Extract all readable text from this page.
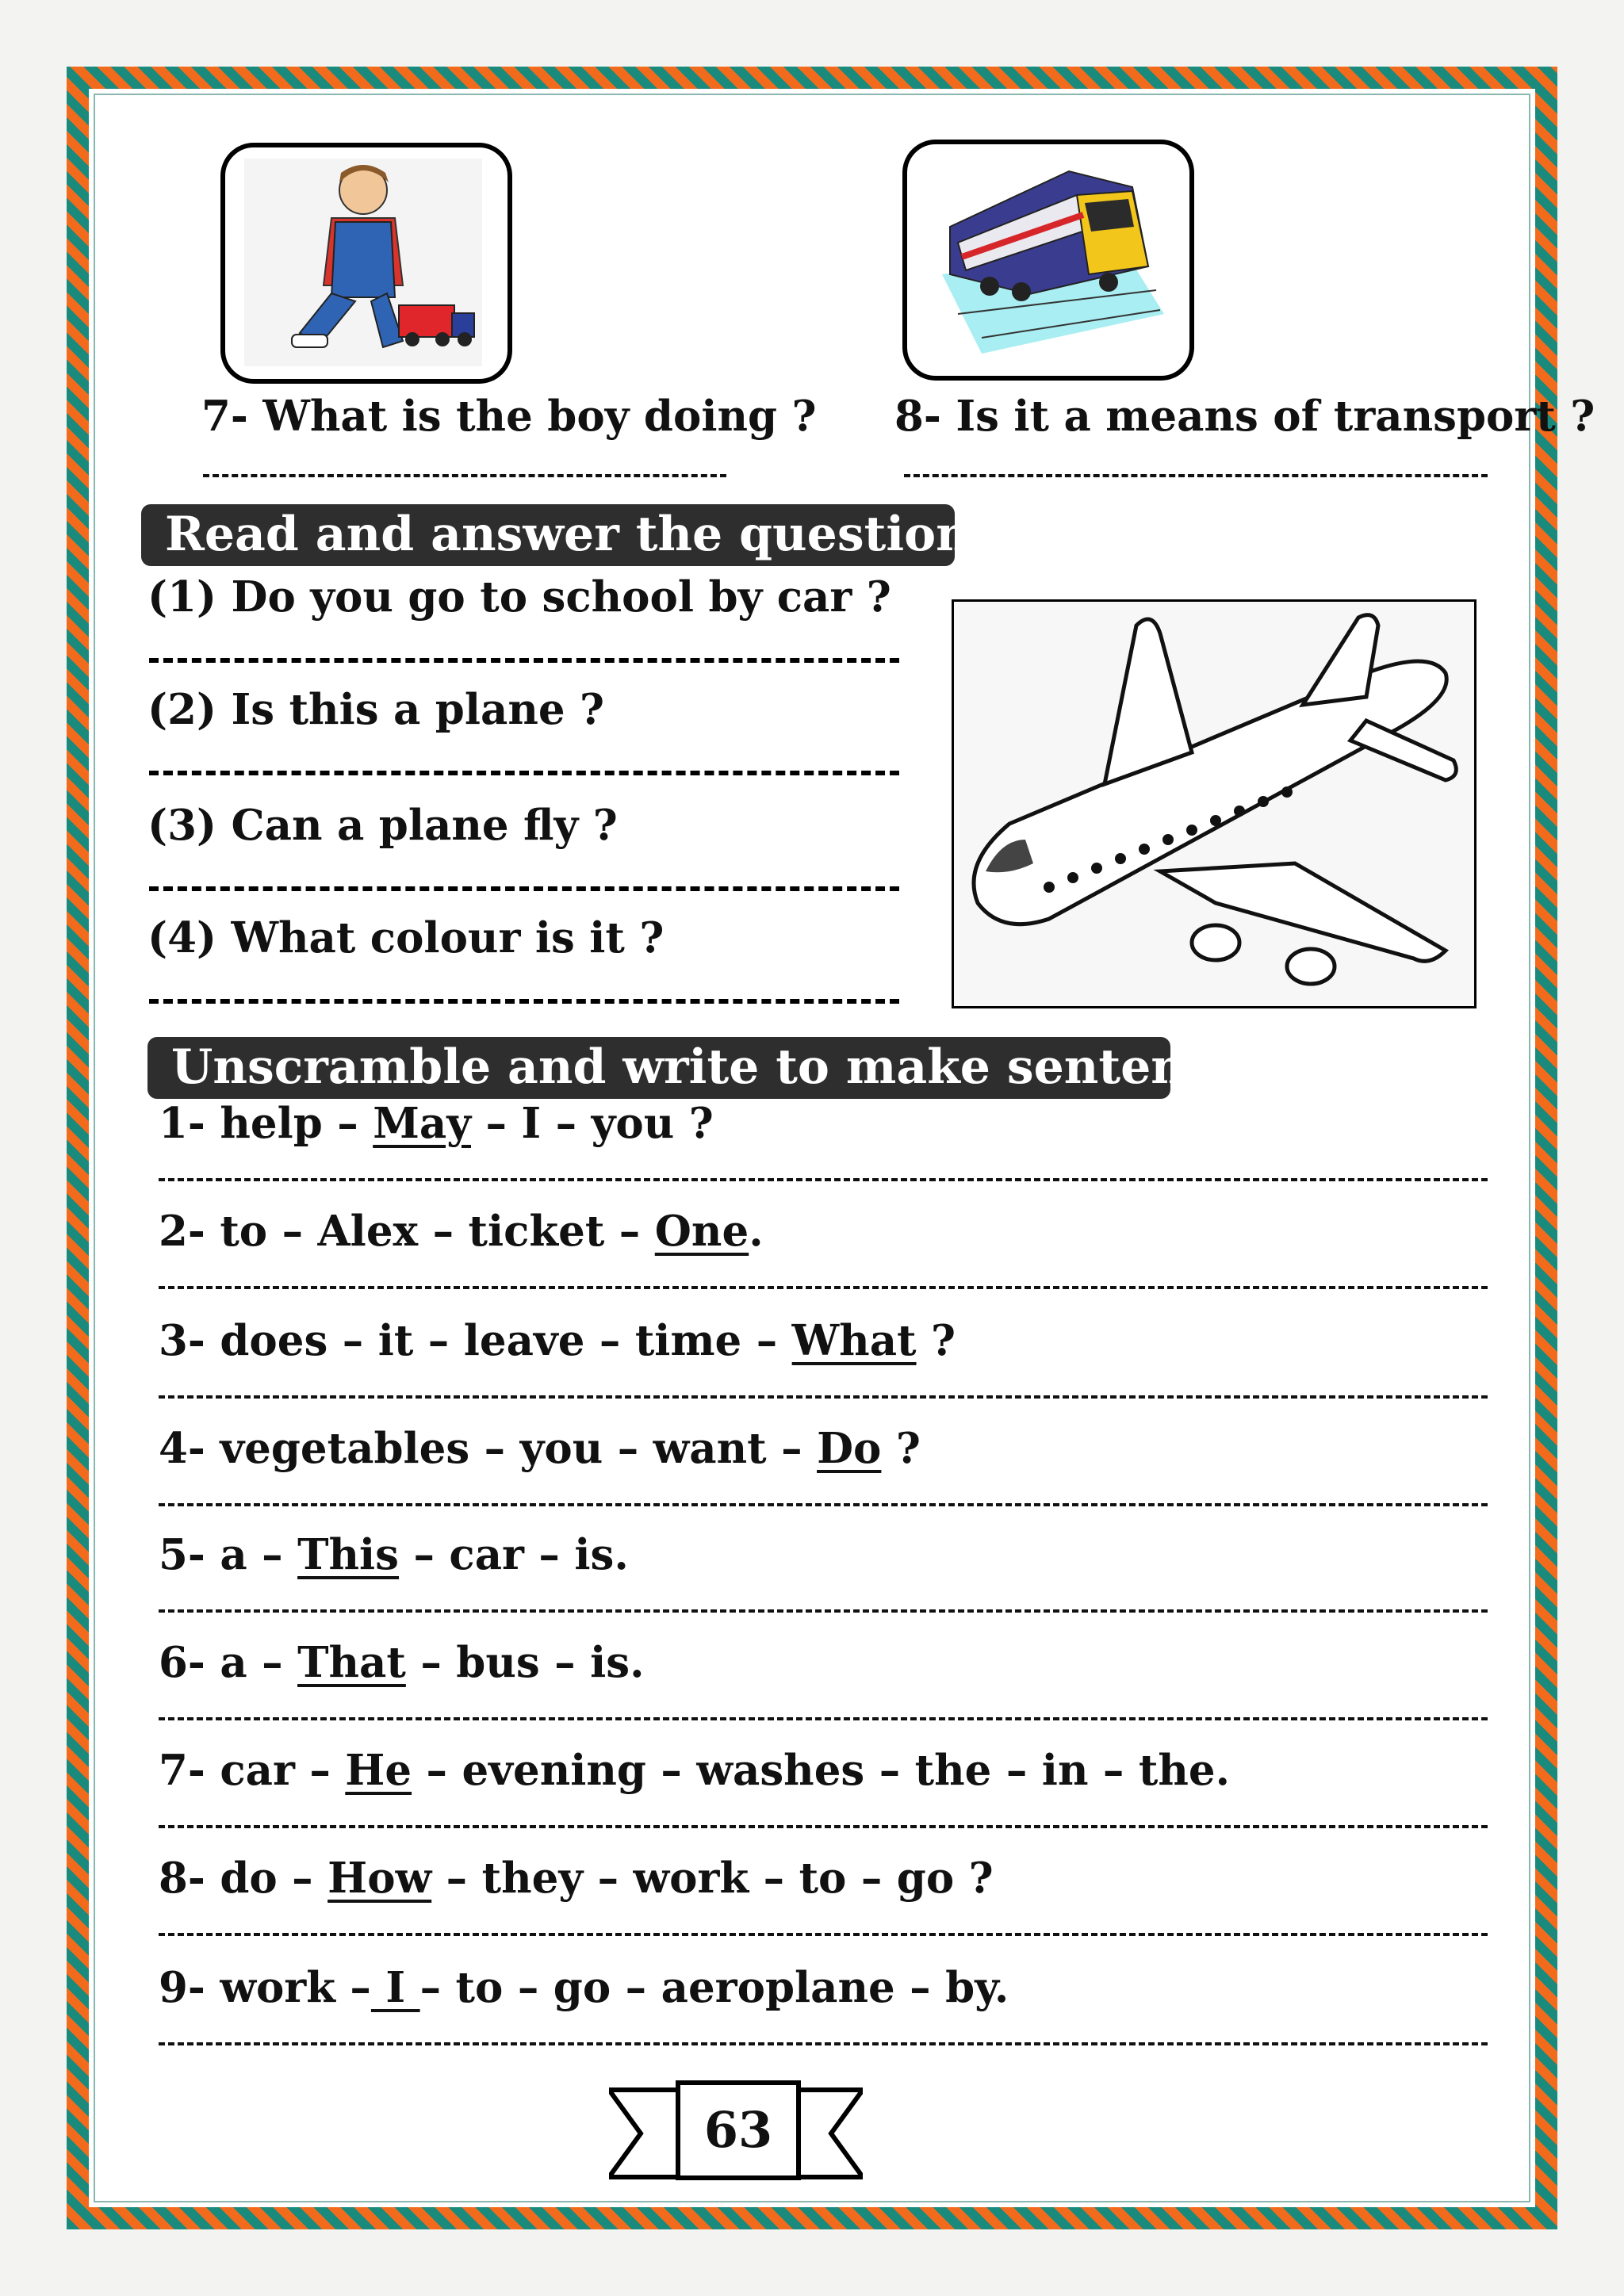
7- What is the boy doing ? 8- Is it a means of transport ?
Read and answer the questions :
(1) Do you go to school by car ?
(2) Is this a plane ?
(3) Can a plane fly ?
(4) What colour is it ?
Unscramble and write to make sentences :
1- help – May – I – you ?
2- to – Alex – ticket – One.
3- does – it – leave – time – What ?
4- vegetables – you – want – Do ?
5- a – This – car – is.
6- a – That – bus – is.
7- car – He – evening – washes – the – in – the.
8- do – How – they – work – to – go ?
9- work – I – to – go – aeroplane – by.
63
